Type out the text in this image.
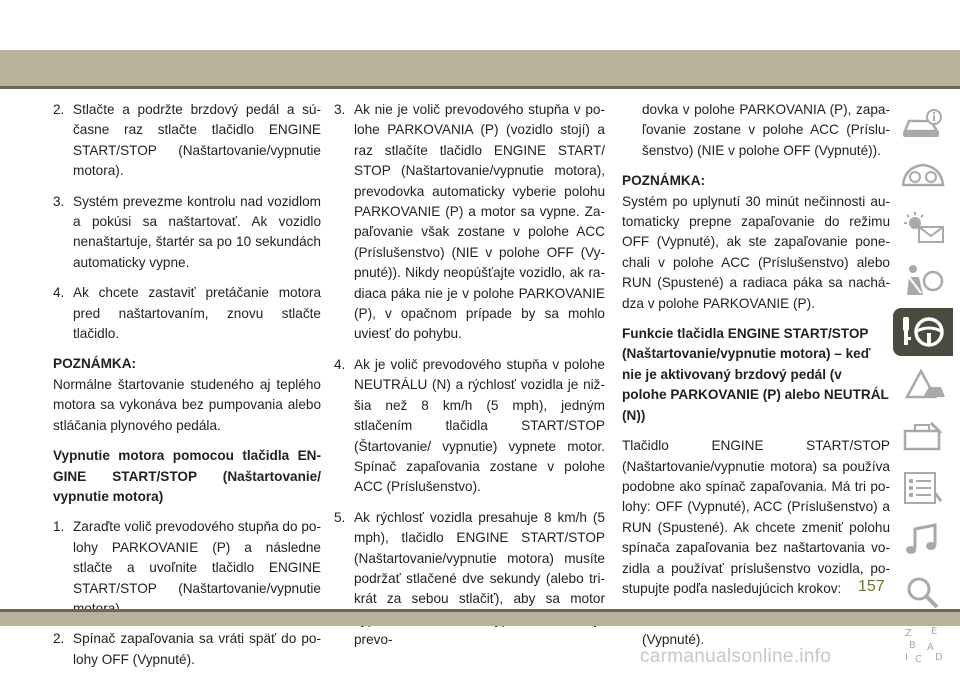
2. Stlačte a podržte brzdový pedál a súčasne raz stlačte tlačidlo ENGINE START/STOP (Naštartovanie/vypnutie motora).
3. Systém prevezme kontrolu nad vozidlom a pokúsi sa naštartovať. Ak vozidlo nenaštartuje, štartér sa po 10 sekundách automaticky vypne.
4. Ak chcete zastaviť pretáčanie motora pred naštartovaním, znovu stlačte tlačidlo.
POZNÁMKA:
Normálne štartovanie studeného aj teplého motora sa vykonáva bez pumpovania alebo stláčania plynového pedála.
Vypnutie motora pomocou tlačidla ENGINE START/STOP (Naštartovanie/ vypnutie motora)
1. Zaraďte volič prevodového stupňa do polohy PARKOVANIE (P) a následne stlačte a uvoľnite tlačidlo ENGINE START/STOP (Naštartovanie/vypnutie
2. Spínač zapaľovania sa vráti späť do polohy OFF (Vypnuté).
3. Ak nie je volič prevodového stupňa v polohe PARKOVANIA (P) (vozidlo stojí) a raz stlačíte tlačidlo ENGINE START/ STOP (Naštartovanie/vypnutie motora), prevodovka automaticky vyberie polohu PARKOVANIE (P) a motor sa vypne. Zapaľovanie však zostane v polohe ACC (Príslušenstvo) (NIE v polohe OFF (Vypnuté)). Nikdy neopúšťajte vozidlo, ak radiaca páka nie je v polohe PARKOVANIE (P), v opačnom prípade by sa mohlo uviesť do pohybu.
4. Ak je volič prevodového stupňa v polohe NEUTRÁLU (N) a rýchlosť vozidla je nižšia než 8 km/h (5 mph), jedným stlačením tlačidla START/STOP (Štartovanie/ vypnutie) vypnete motor. Spínač zapaľovania zostane v polohe ACC (Príslušenstvo).
5. Ak rýchlosť vozidla presahuje 8 km/h (5 mph), tlačidlo ENGINE START/STOP (Naštartovanie/vypnutie motora) musíte podržať stlačené dve sekundy (alebo trikrát za sebou stlačiť), aby sa motor prevo-
dovka v polohe PARKOVANIA (P), zapaľovanie zostane v polohe ACC (Príslušenstvo) (NIE v polohe OFF (Vypnuté)).
POZNÁMKA:
Systém po uplynutí 30 minút nečinnosti automaticky prepne zapaľovanie do režimu OFF (Vypnuté), ak ste zapaľovanie ponechali v polohe ACC (Príslušenstvo) alebo RUN (Spustené) a radiaca páka sa nachádza v polohe PARKOVANIE (P).
Funkcie tlačidla ENGINE START/STOP (Naštartovanie/vypnutie motora) – keď nie je aktivovaný brzdový pedál (v polohe PARKOVANIE (P) alebo NEUTRÁL (N))
Tlačidlo ENGINE START/STOP (Naštartovanie/vypnutie motora) sa používa podobne ako spínač zapaľovania. Má tri polohy: OFF (Vypnuté), ACC (Príslušenstvo) a RUN (Spustené). Ak chcete zmeniť polohu spínača zapaľovania bez naštartovania vozidla a používať príslušenstvo vozidla, postupujte podľa nasledujúcich krokov:
(Vypnuté).	Z E
B A
I C D
157
carmanualsonline.info
